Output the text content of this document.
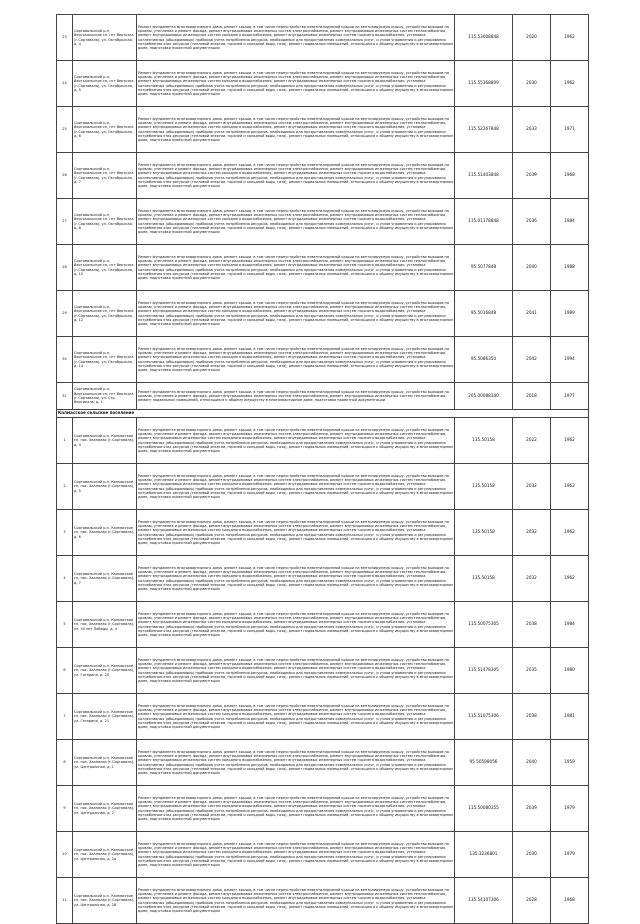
23	Сортавальский р-н, Вертькальское сп, пгт Вертьяга (г.Сортавала), ул. Октябрьская, д. 4	Ремонт фундамента многоквартирного дома, ремонт крыши, в том числе переустройство невентилируемой крыши на вентилируемую крышу, устройство выходов на кровлю, утепление и ремонт фасада, ремонт внутридомовых инженерных систем электроснабжения, ремонт внутридомовых инженерных систем теплоснабжения, ремонт внутридомовых инженерных систем холодного водоснабжения, ремонт внутридомовых инженерных систем горячего водоснабжения, установка коллективных (общедомовых) приборов учета потребления ресурсов, необходимых для предоставления коммунальных услуг, и узлов управления и регулирования потребления этих ресурсов (тепловой энергии, горячей и холодной воды, газа), ремонт подвальных помещений, относящихся к общему имуществу в многоквартирном доме, подготовка проектной документации	115.53008848	2020	1962
24	Сортавальский р-н, Вертькальское сп, пгт Вертьяга (г.Сортавала), ул. Октябрьская, д. 5	Ремонт фундамента многоквартирного дома, ремонт крыши, в том числе переустройство невентилируемой крыши на вентилируемую крышу, устройство выходов на кровлю, утепление и ремонт фасада, ремонт внутридомовых инженерных систем электроснабжения, ремонт внутридомовых инженерных систем теплоснабжения, ремонт внутридомовых инженерных систем холодного водоснабжения, ремонт внутридомовых инженерных систем горячего водоснабжения, установка коллективных (общедомовых) приборов учета потребления ресурсов, необходимых для предоставления коммунальных услуг, и узлов управления и регулирования потребления этих ресурсов (тепловой энергии, горячей и холодной воды, газа), ремонт подвальных помещений, относящихся к общему имуществу в многоквартирном доме, подготовка проектной документации	115.55368809	2030	1962
25	Сортавальский р-н, Вертькальское сп, пгт Вертьяга (г.Сортавала), ул. Октябрьская, д. 6	Ремонт фундамента многоквартирного дома, ремонт крыши, в том числе переустройство невентилируемой крыши на вентилируемую крышу, устройство выходов на кровлю, утепление и ремонт фасада, ремонт внутридомовых инженерных систем электроснабжения, ремонт внутридомовых инженерных систем теплоснабжения, ремонт внутридомовых инженерных систем холодного водоснабжения, ремонт внутридомовых инженерных систем горячего водоснабжения, установка коллективных (общедомовых) приборов учета потребления ресурсов, необходимых для предоставления коммунальных услуг, и узлов управления и регулирования потребления этих ресурсов (тепловой энергии, горячей и холодной воды, газа), ремонт подвальных помещений, относящихся к общему имуществу в многоквартирном доме, подготовка проектной документации	115.52267848	2033	1971
26	Сортавальский р-н, Вертькальское сп, пгт Вертьяга (г.Сортавала), ул. Октябрьская, д. 7	Ремонт фундамента многоквартирного дома, ремонт крыши, в том числе переустройство невентилируемой крыши на вентилируемую крышу, устройство выходов на кровлю, утепление и ремонт фасада, ремонт внутридомовых инженерных систем электроснабжения, ремонт внутридомовых инженерных систем теплоснабжения, ремонт внутридомовых инженерных систем холодного водоснабжения, ремонт внутридомовых инженерных систем горячего водоснабжения, установка коллективных (общедомовых) приборов учета потребления ресурсов, необходимых для предоставления коммунальных услуг, и узлов управления и регулирования потребления этих ресурсов (тепловой энергии, горячей и холодной воды, газа), ремонт подвальных помещений, относящихся к общему имуществу в многоквартирном доме, подготовка проектной документации	115.51403848	2039	1968
27	Сортавальский р-н, Вертькальское сп, пгт Вертьяга (г.Сортавала), ул. Октябрьская, д. 8	Ремонт фундамента многоквартирного дома, ремонт крыши, в том числе переустройство невентилируемой крыши на вентилируемую крышу, устройство выходов на кровлю, утепление и ремонт фасада, ремонт внутридомовых инженерных систем электроснабжения, ремонт внутридомовых инженерных систем теплоснабжения, ремонт внутридомовых инженерных систем холодного водоснабжения, ремонт внутридомовых инженерных систем горячего водоснабжения, установка коллективных (общедомовых) приборов учета потребления ресурсов, необходимых для предоставления коммунальных услуг, и узлов управления и регулирования потребления этих ресурсов (тепловой энергии, горячей и холодной воды, газа), ремонт подвальных помещений, относящихся к общему имуществу в многоквартирном доме, подготовка проектной документации	115.01178848	2036	1984
28	Сортавальский р-н, Вертькальское сп, пгт Вертьяга (г.Сортавала), ул. Октябрьская, д. 10	Ремонт фундамента многоквартирного дома, ремонт крыши, в том числе переустройство невентилируемой крыши на вентилируемую крышу, устройство выходов на кровлю, утепление и ремонт фасада, ремонт внутридомовых инженерных систем электроснабжения, ремонт внутридомовых инженерных систем теплоснабжения, ремонт внутридомовых инженерных систем холодного водоснабжения, ремонт внутридомовых инженерных систем горячего водоснабжения, установка коллективных (общедомовых) приборов учета потребления ресурсов, необходимых для предоставления коммунальных услуг, и узлов управления и регулирования потребления этих ресурсов (тепловой энергии, горячей и холодной воды, газа), ремонт подвальных помещений, относящихся к общему имуществу в многоквартирном доме, подготовка проектной документации	95.5077848	2040	1988
29	Сортавальский р-н, Вертькальское сп, пгт Вертьяга (г.Сортавала), ул. Октябрьская, д. 12	Ремонт фундамента многоквартирного дома, ремонт крыши, в том числе переустройство невентилируемой крыши на вентилируемую крышу, устройство выходов на кровлю, утепление и ремонт фасада, ремонт внутридомовых инженерных систем электроснабжения, ремонт внутридомовых инженерных систем теплоснабжения, ремонт внутридомовых инженерных систем холодного водоснабжения, ремонт внутридомовых инженерных систем горячего водоснабжения, установка коллективных (общедомовых) приборов учета потребления ресурсов, необходимых для предоставления коммунальных услуг, и узлов управления и регулирования потребления этих ресурсов (тепловой энергии, горячей и холодной воды, газа), ремонт подвальных помещений, относящихся к общему имуществу в многоквартирном доме, подготовка проектной документации	95.5016848	2041	1989
30	Сортавальский р-н, Вертькальское сп, пгт Вертьяга (г.Сортавала), ул. Октябрьская, д. 14	Ремонт фундамента многоквартирного дома, ремонт крыши, в том числе переустройство невентилируемой крыши на вентилируемую крышу, устройство выходов на кровлю, утепление и ремонт фасада, ремонт внутридомовых инженерных систем электроснабжения, ремонт внутридомовых инженерных систем теплоснабжения, ремонт внутридомовых инженерных систем холодного водоснабжения, ремонт внутридомовых инженерных систем горячего водоснабжения, установка коллективных (общедомовых) приборов учета потребления ресурсов, необходимых для предоставления коммунальных услуг, и узлов управления и регулирования потребления этих ресурсов (тепловой энергии, горячей и холодной воды, газа), ремонт подвальных помещений, относящихся к общему имуществу в многоквартирном доме, подготовка проектной документации	95.5086350	2042	1994
31	Сортавальский р-н, Вертькальское сп, пгт Вертьяга (г.Сортавала), ул. Стр. Вертикаль, д. 1	Ремонт фундамента многоквартирного дома, ремонт крыши, в том числе переустройство невентилируемой крыши на вентилируемую крышу, устройство выходов на кровлю, утепление и ремонт фасада, ремонт внутридомовых инженерных систем электроснабжения, ремонт внутридомовых инженерных систем теплоснабжения, ремонт подвальных помещений, относящихся к общему имуществу в многоквартирном доме, подготовка проектной документации	205.00088340	2018	1977
Калмасское сельское поселение					
1	Сортавальский р-н, Калмасское сп, пос. Хаапалао (г.Сортавала), д. 4	Ремонт фундамента многоквартирного дома, ремонт крыши, в том числе переустройство невентилируемой крыши на вентилируемую крышу, устройство выходов на кровлю, утепление и ремонт фасада, ремонт внутридомовых инженерных систем электроснабжения, ремонт внутридомовых инженерных систем теплоснабжения, ремонт внутридомовых инженерных систем холодного водоснабжения, ремонт внутридомовых инженерных систем горячего водоснабжения, установка коллективных (общедомовых) приборов учета потребления ресурсов, необходимых для предоставления коммунальных услуг, и узлов управления и регулирования потребления этих ресурсов (тепловой энергии, горячей и холодной воды, газа), ремонт подвальных помещений, относящихся к общему имуществу в многоквартирном доме, подготовка проектной документации	135.50158	2022	1962
2	Сортавальский р-н, Калмасское сп, пос. Хаапалао (г.Сортавала), д. 5	Ремонт фундамента многоквартирного дома, ремонт крыши, в том числе переустройство невентилируемой крыши на вентилируемую крышу, устройство выходов на кровлю, утепление и ремонт фасада, ремонт внутридомовых инженерных систем электроснабжения, ремонт внутридомовых инженерных систем теплоснабжения, ремонт внутридомовых инженерных систем холодного водоснабжения, ремонт внутридомовых инженерных систем горячего водоснабжения, установка коллективных (общедомовых) приборов учета потребления ресурсов, необходимых для предоставления коммунальных услуг, и узлов управления и регулирования потребления этих ресурсов (тепловой энергии, горячей и холодной воды, газа), ремонт подвальных помещений, относящихся к общему имуществу в многоквартирном доме, подготовка проектной документации	135.50158	2032	1962
3	Сортавальский р-н, Калмасское сп, пос. Хаапалао (г.Сортавала), д. 6	Ремонт фундамента многоквартирного дома, ремонт крыши, в том числе переустройство невентилируемой крыши на вентилируемую крышу, устройство выходов на кровлю, утепление и ремонт фасада, ремонт внутридомовых инженерных систем электроснабжения, ремонт внутридомовых инженерных систем теплоснабжения, ремонт внутридомовых инженерных систем холодного водоснабжения, ремонт внутридомовых инженерных систем горячего водоснабжения, установка коллективных (общедомовых) приборов учета потребления ресурсов, необходимых для предоставления коммунальных услуг, и узлов управления и регулирования потребления этих ресурсов (тепловой энергии, горячей и холодной воды, газа), ремонт подвальных помещений, относящихся к общему имуществу в многоквартирном доме, подготовка проектной документации	135.50158	2032	1962
4	Сортавальский р-н, Калмасское сп, пос. Хаапалао (г.Сортавала), д. 7	Ремонт фундамента многоквартирного дома, ремонт крыши, в том числе переустройство невентилируемой крыши на вентилируемую крышу, устройство выходов на кровлю, утепление и ремонт фасада, ремонт внутридомовых инженерных систем электроснабжения, ремонт внутридомовых инженерных систем теплоснабжения, ремонт внутридомовых инженерных систем холодного водоснабжения, ремонт внутридомовых инженерных систем горячего водоснабжения, установка коллективных (общедомовых) приборов учета потребления ресурсов, необходимых для предоставления коммунальных услуг, и узлов управления и регулирования потребления этих ресурсов (тепловой энергии, горячей и холодной воды, газа), ремонт подвальных помещений, относящихся к общему имуществу в многоквартирном доме, подготовка проектной документации	135.50158	2032	1962
5	Сортавальский р-н, Калмасское сп, пос. Хаапалао (г.Сортавала), ул. 40 лет Победы, д. 4	Ремонт фундамента многоквартирного дома, ремонт крыши, в том числе переустройство невентилируемой крыши на вентилируемую крышу, устройство выходов на кровлю, утепление и ремонт фасада, ремонт внутридомовых инженерных систем электроснабжения, ремонт внутридомовых инженерных систем теплоснабжения, ремонт внутридомовых инженерных систем холодного водоснабжения, ремонт внутридомовых инженерных систем горячего водоснабжения, установка коллективных (общедомовых) приборов учета потребления ресурсов, необходимых для предоставления коммунальных услуг, и узлов управления и регулирования потребления этих ресурсов (тепловой энергии, горячей и холодной воды, газа), ремонт подвальных помещений, относящихся к общему имуществу в многоквартирном доме, подготовка проектной документации	115.50075305	2038	1984
6	Сортавальский р-н, Калмасское сп, пос. Хаапалао (г.Сортавала), ул. Гагарина, д. 20	Ремонт фундамента многоквартирного дома, ремонт крыши, в том числе переустройство невентилируемой крыши на вентилируемую крышу, устройство выходов на кровлю, утепление и ремонт фасада, ремонт внутридомовых инженерных систем электроснабжения, ремонт внутридомовых инженерных систем теплоснабжения, ремонт внутридомовых инженерных систем холодного водоснабжения, ремонт внутридомовых инженерных систем горячего водоснабжения, установка коллективных (общедомовых) приборов учета потребления ресурсов, необходимых для предоставления коммунальных услуг, и узлов управления и регулирования потребления этих ресурсов (тепловой энергии, горячей и холодной воды, газа), ремонт подвальных помещений, относящихся к общему имуществу в многоквартирном доме, подготовка проектной документации	115.51478305	2035	1980
7	Сортавальский р-н, Калмасское сп, пос. Хаапалао (г.Сортавала), ул. Гагарина, д. 21	Ремонт фундамента многоквартирного дома, ремонт крыши, в том числе переустройство невентилируемой крыши на вентилируемую крышу, устройство выходов на кровлю, утепление и ремонт фасада, ремонт внутридомовых инженерных систем электроснабжения, ремонт внутридомовых инженерных систем теплоснабжения, ремонт внутридомовых инженерных систем холодного водоснабжения, ремонт внутридомовых инженерных систем горячего водоснабжения, установка коллективных (общедомовых) приборов учета потребления ресурсов, необходимых для предоставления коммунальных услуг, и узлов управления и регулирования потребления этих ресурсов (тепловой энергии, горячей и холодной воды, газа), ремонт подвальных помещений, относящихся к общему имуществу в многоквартирном доме, подготовка проектной документации	115.51075306	2038	1981
8	Сортавальский р-н, Калмасское сп, пос. Хаапалао (г.Сортавала), ул. Центральная, д. 1	Ремонт фундамента многоквартирного дома, ремонт крыши, в том числе переустройство невентилируемой крыши на вентилируемую крышу, устройство выходов на кровлю, утепление и ремонт фасада, ремонт внутридомовых инженерных систем электроснабжения, ремонт внутридомовых инженерных систем теплоснабжения, ремонт внутридомовых инженерных систем холодного водоснабжения, ремонт внутридомовых инженерных систем горячего водоснабжения, установка коллективных (общедомовых) приборов учета потребления ресурсов, необходимых для предоставления коммунальных услуг, и узлов управления и регулирования потребления этих ресурсов (тепловой энергии, горячей и холодной воды, газа), ремонт подвальных помещений, относящихся к общему имуществу в многоквартирном доме, подготовка проектной документации	95.50598056	2040	1959
9	Сортавальский р-н, Калмасское сп, пос. Хаапалао (г.Сортавала), ул. Центральная, д. 2	Ремонт фундамента многоквартирного дома, ремонт крыши, в том числе переустройство невентилируемой крыши на вентилируемую крышу, устройство выходов на кровлю, утепление и ремонт фасада, ремонт внутридомовых инженерных систем электроснабжения, ремонт внутридомовых инженерных систем теплоснабжения, ремонт внутридомовых инженерных систем холодного водоснабжения, ремонт внутридомовых инженерных систем горячего водоснабжения, установка коллективных (общедомовых) приборов учета потребления ресурсов, необходимых для предоставления коммунальных услуг, и узлов управления и регулирования потребления этих ресурсов (тепловой энергии, горячей и холодной воды, газа), ремонт подвальных помещений, относящихся к общему имуществу в многоквартирном доме, подготовка проектной документации	115.50080355	2039	1979
10	Сортавальский р-н, Калмасское сп, пос. Хаапалао (г.Сортавала), ул. Центральная, д. 2а	Ремонт фундамента многоквартирного дома, ремонт крыши, в том числе переустройство невентилируемой крыши на вентилируемую крышу, устройство выходов на кровлю, утепление и ремонт фасада, ремонт внутридомовых инженерных систем электроснабжения, ремонт внутридомовых инженерных систем теплоснабжения, ремонт внутридомовых инженерных систем холодного водоснабжения, ремонт внутридомовых инженерных систем горячего водоснабжения, установка коллективных (общедомовых) приборов учета потребления ресурсов, необходимых для предоставления коммунальных услуг, и узлов управления и регулирования потребления этих ресурсов (тепловой энергии, горячей и холодной воды, газа), ремонт подвальных помещений, относящихся к общему имуществу в многоквартирном доме, подготовка проектной документации	135.3236801	2030	1979
11	Сортавальский р-н, Калмасское сп, пос. Хаапалао (г.Сортавала), ул. Центральная, д. 2б	Ремонт фундамента многоквартирного дома, ремонт крыши, в том числе переустройство невентилируемой крыши на вентилируемую крышу, устройство выходов на кровлю, утепление и ремонт фасада, ремонт внутридомовых инженерных систем электроснабжения, ремонт внутридомовых инженерных систем теплоснабжения, ремонт внутридомовых инженерных систем холодного водоснабжения, ремонт внутридомовых инженерных систем горячего водоснабжения, установка коллективных (общедомовых) приборов учета потребления ресурсов, необходимых для предоставления коммунальных услуг, и узлов управления и регулирования потребления этих ресурсов (тепловой энергии, горячей и холодной воды, газа), ремонт подвальных помещений, относящихся к общему имуществу в многоквартирном доме, подготовка проектной документации	135.54107306	2028	1968
